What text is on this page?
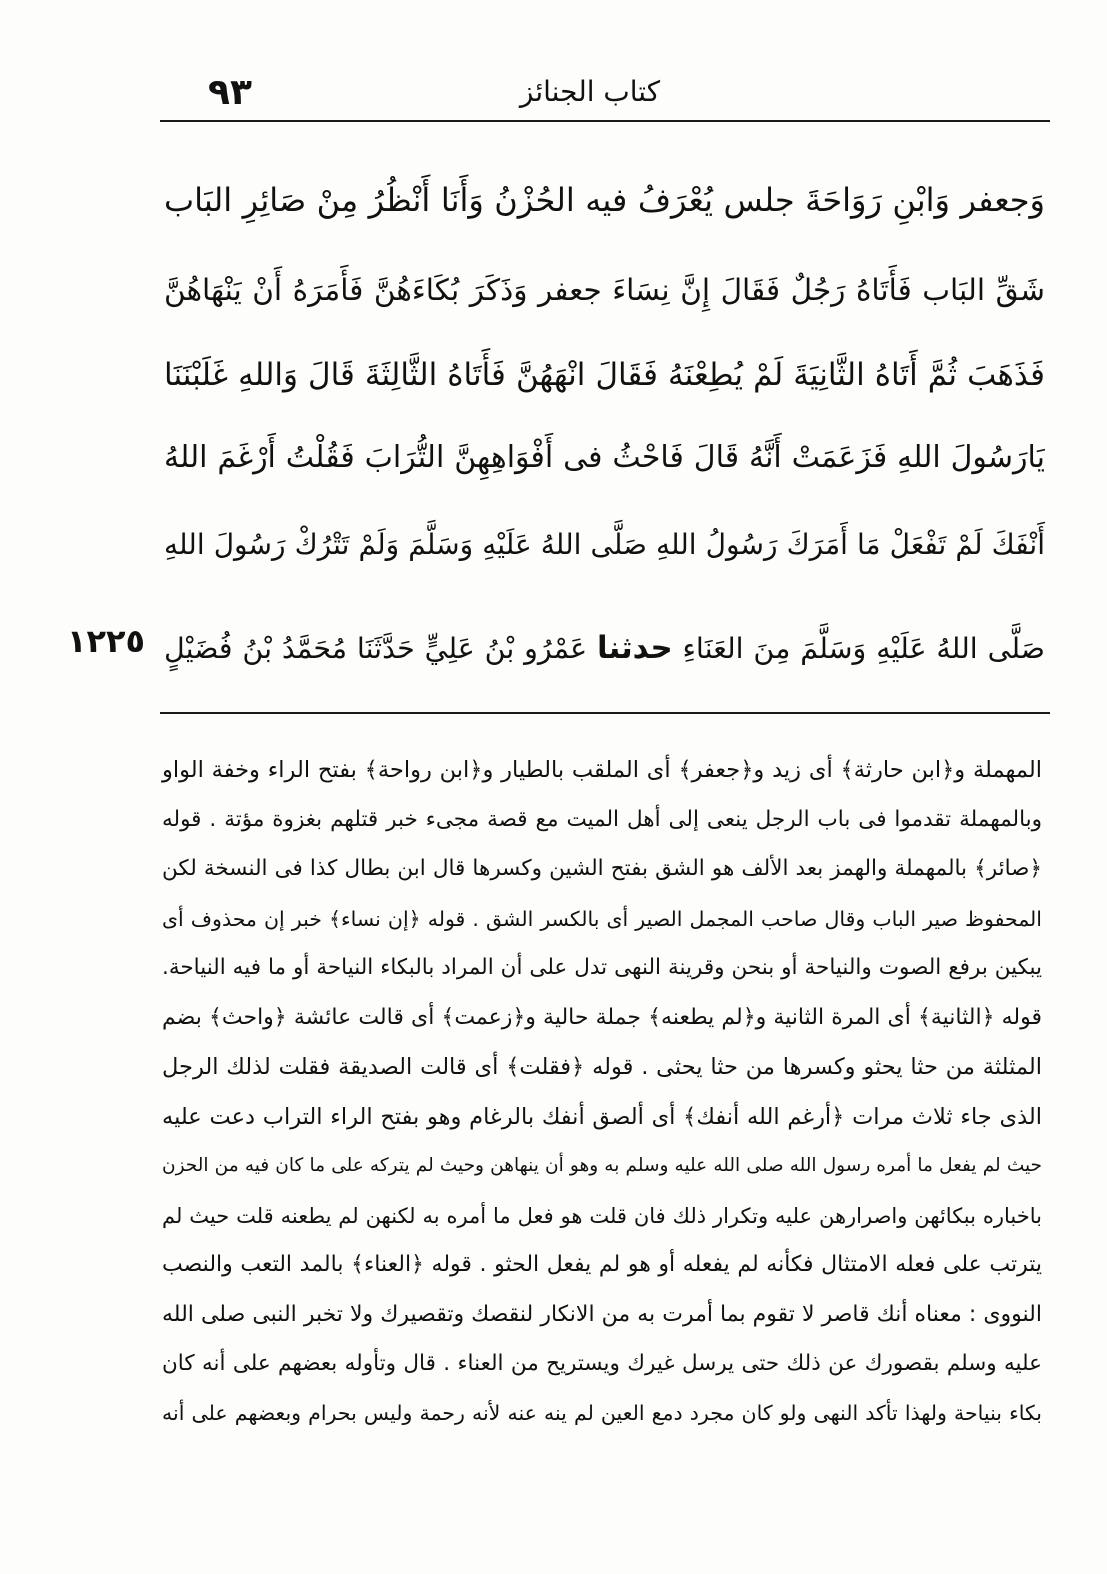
٩٣	كتاب الجنائز
وَجعفر وَابْنِ رَوَاحَةَ جلس يُعْرَفُ فيه الحُزْنُ وَأَنَا أَنْظُرُ مِنْ صَائِرِ البَاب
شَقِّ البَاب فَأَتَاهُ رَجُلٌ فَقَالَ إِنَّ نِسَاءَ جعفر وَذَكَرَ بُكَاءَهُنَّ فَأَمَرَهُ أَنْ يَنْهَاهُنَّ
فَذَهَبَ ثُمَّ أَتَاهُ الثَّانِيَةَ لَمْ يُطِعْنَهُ فَقَالَ انْهَهُنَّ فَأَتَاهُ الثَّالِثَةَ قَالَ وَاللهِ غَلَبْنَنَا
يَارَسُولَ اللهِ فَزَعَمَتْ أَنَّهُ قَالَ فَاحْثُ فى أَفْوَاهِهِنَّ التُّرَابَ فَقُلْتُ أَرْغَمَ اللهُ
أَنْفَكَ لَمْ تَفْعَلْ مَا أَمَرَكَ رَسُولُ اللهِ صَلَّى اللهُ عَلَيْهِ وَسَلَّمَ وَلَمْ تَتْرُكْ رَسُولَ اللهِ
صَلَّى اللهُ عَلَيْهِ وَسَلَّمَ مِنَ العَنَاءِ حدثنا عَمْرُو بْنُ عَلِيٍّ حَدَّثَنَا مُحَمَّدُ بْنُ فُضَيْلٍ
١٢٢٥
المهملة و﴿ابن حارثة﴾ أى زيد و﴿جعفر﴾ أى الملقب بالطيار و﴿ابن رواحة﴾ بفتح الراء وخفة الواو
وبالمهملة تقدموا فى باب الرجل ينعى إلى أهل الميت مع قصة مجىء خبر قتلهم بغزوة مؤتة . قوله
﴿صائر﴾ بالمهملة والهمز بعد الألف هو الشق بفتح الشين وكسرها قال ابن بطال كذا فى النسخة لكن
المحفوظ صير الباب وقال صاحب المجمل الصير أى بالكسر الشق . قوله ﴿إن نساء﴾ خبر إن محذوف أى
يبكين برفع الصوت والنياحة أو بنحن وقرينة النهى تدل على أن المراد بالبكاء النياحة أو ما فيه النياحة.
قوله ﴿الثانية﴾ أى المرة الثانية و﴿لم يطعنه﴾ جملة حالية و﴿زعمت﴾ أى قالت عائشة ﴿واحث﴾ بضم
المثلثة من حثا يحثو وكسرها من حثا يحثى . قوله ﴿فقلت﴾ أى قالت الصديقة فقلت لذلك الرجل
الذى جاء ثلاث مرات ﴿أرغم الله أنفك﴾ أى ألصق أنفك بالرغام وهو بفتح الراء التراب دعت عليه
حيث لم يفعل ما أمره رسول الله صلى الله عليه وسلم به وهو أن ينهاهن وحيث لم يتركه على ما كان فيه من الحزن
باخباره ببكائهن واصرارهن عليه وتكرار ذلك فان قلت هو فعل ما أمره به لكنهن لم يطعنه قلت حيث لم
يترتب على فعله الامتثال فكأنه لم يفعله أو هو لم يفعل الحثو . قوله ﴿العناء﴾ بالمد التعب والنصب
النووى : معناه أنك قاصر لا تقوم بما أمرت به من الانكار لنقصك وتقصيرك ولا تخبر النبى صلى الله
عليه وسلم بقصورك عن ذلك حتى يرسل غيرك ويستريح من العناء . قال وتأوله بعضهم على أنه كان
بكاء بنياحة ولهذا تأكد النهى ولو كان مجرد دمع العين لم ينه عنه لأنه رحمة وليس بحرام وبعضهم على أنه
